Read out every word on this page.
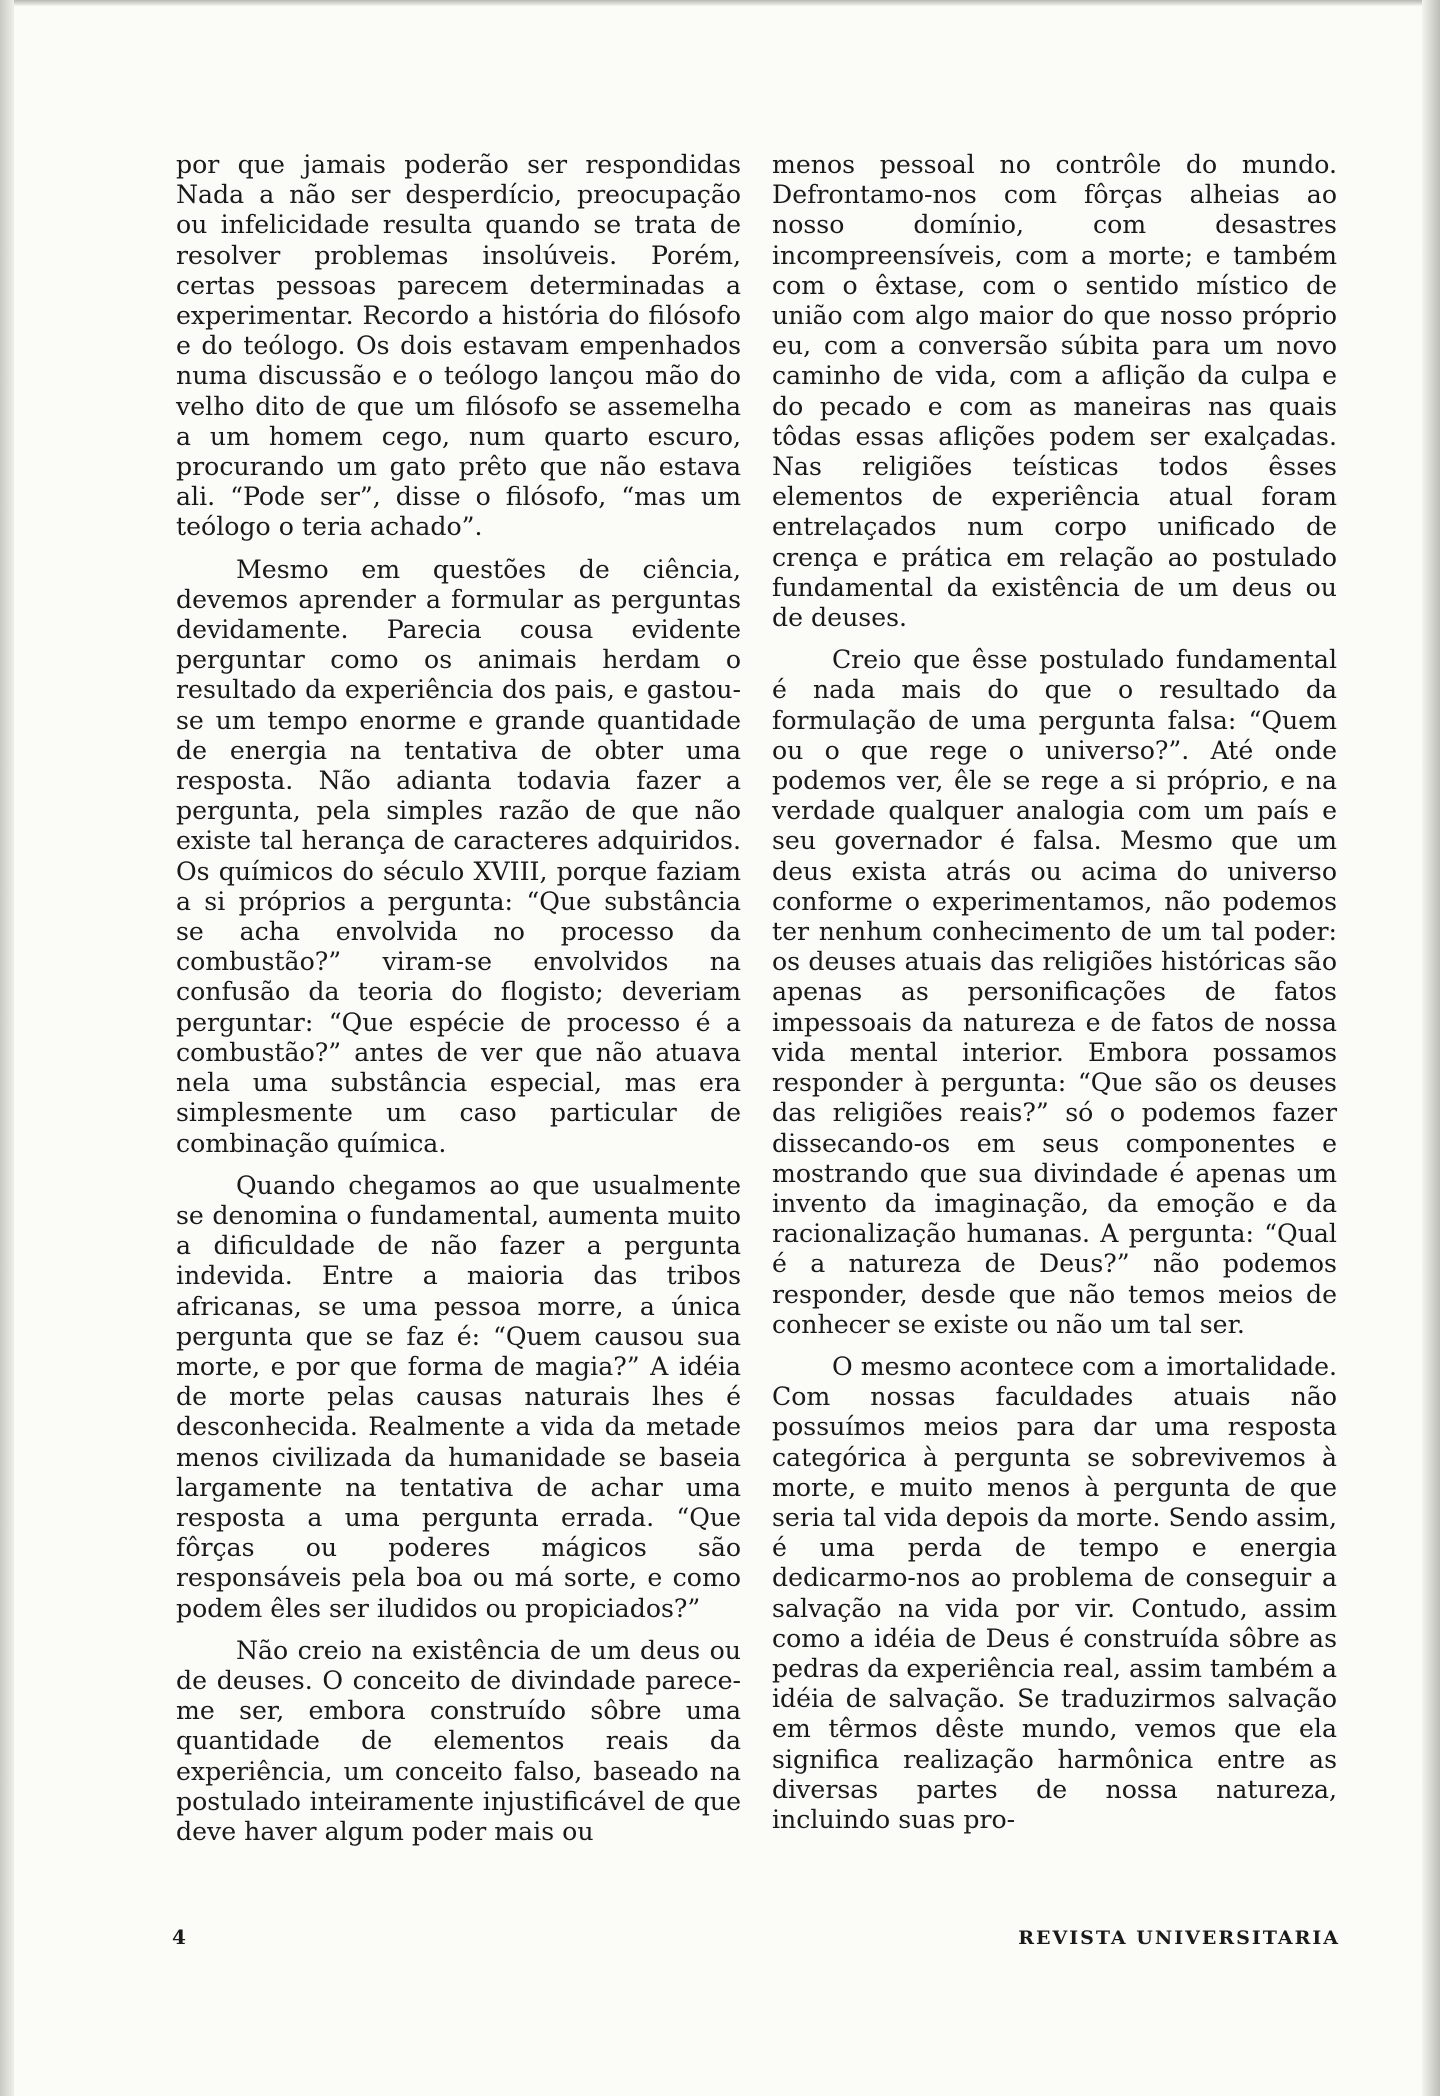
por que jamais poderão ser respondidas Nada a não ser desperdício, preocupação ou infelicidade resulta quando se trata de resolver problemas insolúveis. Porém, certas pessoas parecem determinadas a experimentar. Recordo a história do filósofo e do teólogo. Os dois estavam empenhados numa discussão e o teólogo lançou mão do velho dito de que um filósofo se assemelha a um homem cego, num quarto escuro, procurando um gato prêto que não estava ali. “Pode ser”, disse o filósofo, “mas um teólogo o teria achado”.

Mesmo em questões de ciência, devemos aprender a formular as perguntas devidamente. Parecia cousa evidente perguntar como os animais herdam o resultado da experiência dos pais, e gastou-se um tempo enorme e grande quantidade de energia na tentativa de obter uma resposta. Não adianta todavia fazer a pergunta, pela simples razão de que não existe tal herança de caracteres adquiridos. Os químicos do século XVIII, porque faziam a si próprios a pergunta: “Que substância se acha envolvida no processo da combustão?” viram-se envolvidos na confusão da teoria do flogisto; deveriam perguntar: “Que espécie de processo é a combustão?” antes de ver que não atuava nela uma substância especial, mas era simplesmente um caso particular de combinação química.

Quando chegamos ao que usualmente se denomina o fundamental, aumenta muito a dificuldade de não fazer a pergunta indevida. Entre a maioria das tribos africanas, se uma pessoa morre, a única pergunta que se faz é: “Quem causou sua morte, e por que forma de magia?” A idéia de morte pelas causas naturais lhes é desconhecida. Realmente a vida da metade menos civilizada da humanidade se baseia largamente na tentativa de achar uma resposta a uma pergunta errada. “Que fôrças ou poderes mágicos são responsáveis pela boa ou má sorte, e como podem êles ser iludidos ou propiciados?”

Não creio na existência de um deus ou de deuses. O conceito de divindade parece-me ser, embora construído sôbre uma quantidade de elementos reais da experiência, um conceito falso, baseado na postulado inteiramente injustificável de que deve haver algum poder mais ou

menos pessoal no contrôle do mundo. Defrontamo-nos com fôrças alheias ao nosso domínio, com desastres incompreensíveis, com a morte; e também com o êxtase, com o sentido místico de união com algo maior do que nosso próprio eu, com a conversão súbita para um novo caminho de vida, com a aflição da culpa e do pecado e com as maneiras nas quais tôdas essas aflições podem ser exalçadas. Nas religiões teísticas todos êsses elementos de experiência atual foram entrelaçados num corpo unificado de crença e prática em relação ao postulado fundamental da existência de um deus ou de deuses.

Creio que êsse postulado fundamental é nada mais do que o resultado da formulação de uma pergunta falsa: “Quem ou o que rege o universo?”. Até onde podemos ver, êle se rege a si próprio, e na verdade qualquer analogia com um país e seu governador é falsa. Mesmo que um deus exista atrás ou acima do universo conforme o experimentamos, não podemos ter nenhum conhecimento de um tal poder: os deuses atuais das religiões históricas são apenas as personificações de fatos impessoais da natureza e de fatos de nossa vida mental interior. Embora possamos responder à pergunta: “Que são os deuses das religiões reais?” só o podemos fazer dissecando-os em seus componentes e mostrando que sua divindade é apenas um invento da imaginação, da emoção e da racionalização humanas. A pergunta: “Qual é a natureza de Deus?” não podemos responder, desde que não temos meios de conhecer se existe ou não um tal ser.

O mesmo acontece com a imortalidade. Com nossas faculdades atuais não possuímos meios para dar uma resposta categórica à pergunta se sobrevivemos à morte, e muito menos à pergunta de que seria tal vida depois da morte. Sendo assim, é uma perda de tempo e energia dedicarmo-nos ao problema de conseguir a salvação na vida por vir. Contudo, assim como a idéia de Deus é construída sôbre as pedras da experiência real, assim também a idéia de salvação. Se traduzirmos salvação em têrmos dêste mundo, vemos que ela significa realização harmônica entre as diversas partes de nossa natureza, incluindo suas pro-

4	REVISTA UNIVERSITARIA
